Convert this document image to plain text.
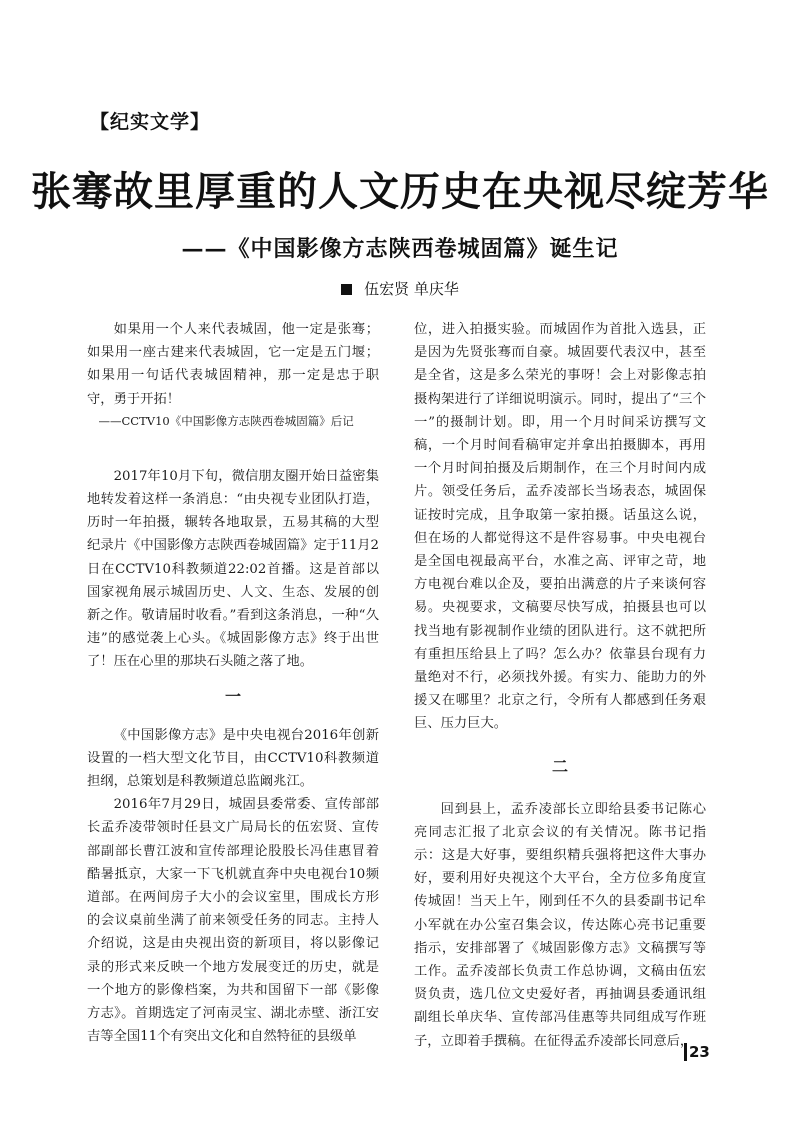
【纪实文学】
张骞故里厚重的人文历史在央视尽绽芳华
——《中国影像方志陕西卷城固篇》诞生记
伍宏贤 单庆华

如果用一个人来代表城固，他一定是张骞；如果用一座古建来代表城固，它一定是五门堰；如果用一句话代表城固精神，那一定是忠于职守，勇于开拓！

——CCTV10《中国影像方志陕西卷城固篇》后记

2017年10月下旬，微信朋友圈开始日益密集地转发着这样一条消息：“由央视专业团队打造，历时一年拍摄，辗转各地取景，五易其稿的大型纪录片《中国影像方志陕西卷城固篇》定于11月2日在CCTV10科教频道22:02首播。这是首部以国家视角展示城固历史、人文、生态、发展的创新之作。敬请届时收看。”看到这条消息，一种“久违”的感觉袭上心头。《城固影像方志》终于出世了！压在心里的那块石头随之落了地。

一

《中国影像方志》是中央电视台2016年创新设置的一档大型文化节目，由CCTV10科教频道担纲，总策划是科教频道总监阚兆江。

2016年7月29日，城固县委常委、宣传部部长孟乔凌带领时任县文广局局长的伍宏贤、宣传部副部长曹江波和宣传部理论股股长冯佳惠冒着酷暑抵京，大家一下飞机就直奔中央电视台10频道部。在两间房子大小的会议室里，围成长方形的会议桌前坐满了前来领受任务的同志。主持人介绍说，这是由央视出资的新项目，将以影像记录的形式来反映一个地方发展变迁的历史，就是一个地方的影像档案，为共和国留下一部《影像方志》。首期选定了河南灵宝、湖北赤壁、浙江安吉等全国11个有突出文化和自然特征的县级单

位，进入拍摄实验。而城固作为首批入选县，正是因为先贤张骞而自豪。城固要代表汉中，甚至是全省，这是多么荣光的事呀！会上对影像志拍摄构架进行了详细说明演示。同时，提出了“三个一”的摄制计划。即，用一个月时间采访撰写文稿，一个月时间看稿审定并拿出拍摄脚本，再用一个月时间拍摄及后期制作，在三个月时间内成片。领受任务后，孟乔凌部长当场表态，城固保证按时完成，且争取第一家拍摄。话虽这么说，但在场的人都觉得这不是件容易事。中央电视台是全国电视最高平台，水准之高、评审之苛，地方电视台难以企及，要拍出满意的片子来谈何容易。央视要求，文稿要尽快写成，拍摄县也可以找当地有影视制作业绩的团队进行。这不就把所有重担压给县上了吗？怎么办？依靠县台现有力量绝对不行，必须找外援。有实力、能助力的外援又在哪里？北京之行，令所有人都感到任务艰巨、压力巨大。

二

回到县上，孟乔凌部长立即给县委书记陈心亮同志汇报了北京会议的有关情况。陈书记指示：这是大好事，要组织精兵强将把这件大事办好，要利用好央视这个大平台，全方位多角度宣传城固！当天上午，刚到任不久的县委副书记牟小军就在办公室召集会议，传达陈心亮书记重要指示，安排部署了《城固影像方志》文稿撰写等工作。孟乔凌部长负责工作总协调，文稿由伍宏贤负责，选几位文史爱好者，再抽调县委通讯组副组长单庆华、宣传部冯佳惠等共同组成写作班子，立即着手撰稿。在征得孟乔凌部长同意后，

23
